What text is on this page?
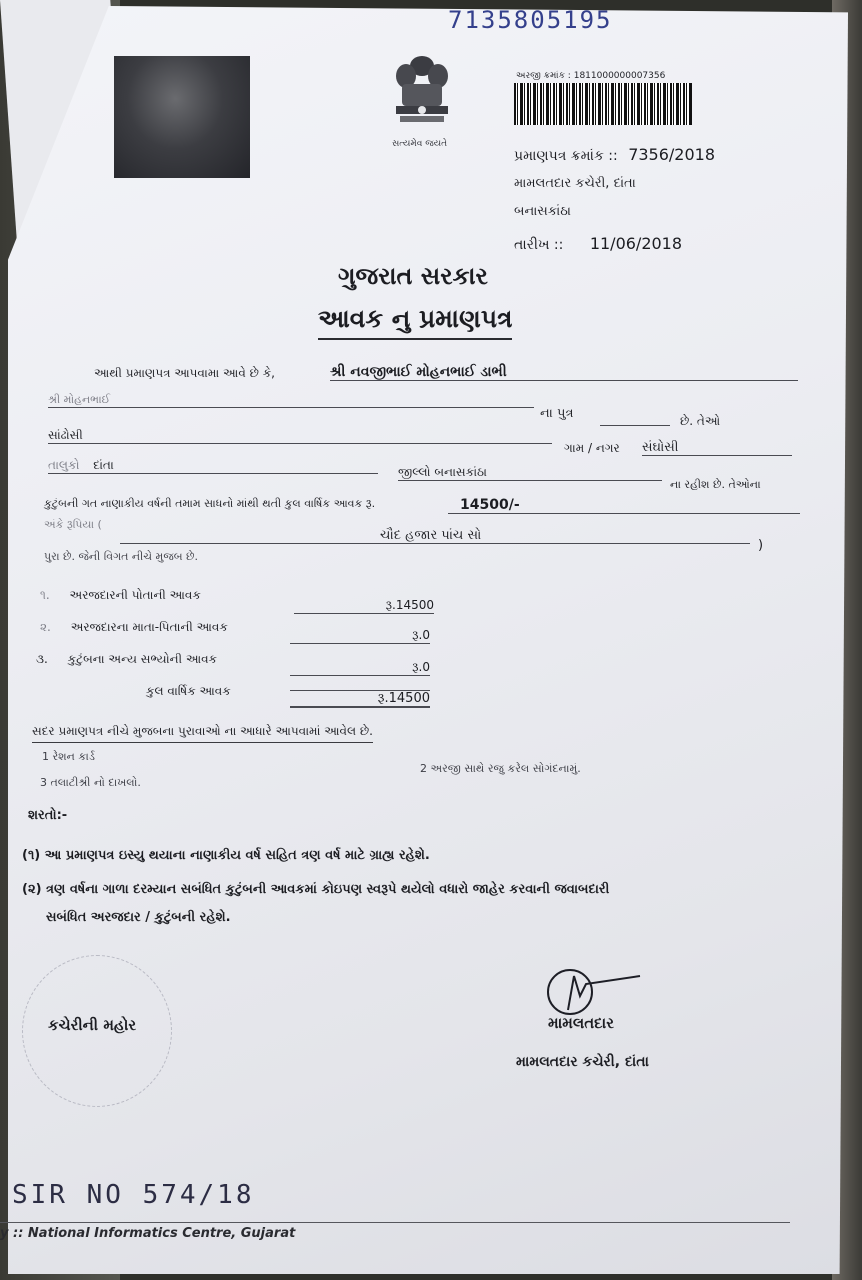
7135805195
સત્યમેવ જયતે
અરજી ક્રમાંક : 1811000000007356
પ્રમાણપત્ર ક્રમાંક :: 7356/2018
મામલતદાર કચેરી, દાંતા
બનાસકાંઠા
તારીખ :: 11/06/2018
ગુજરાત સરકાર
આવક નુ પ્રમાણપત્ર
આથી પ્રમાણપત્ર આપવામા આવે છે કે,	શ્રી નવજીભાઈ મોહનભાઈ ડાભી
શ્રી મોહનભાઈ
ના પુત્ર	છે. તેઓ
સાંઢોસી
ગામ / નગર સંઘોસી
તાલુકો દાંતા	જીલ્લો બનાસકાંઠા
ના રહીશ છે. તેઓના
કુટુંબની ગત નાણાકીય વર્ષની તમામ સાધનો માંથી થતી કુલ વાર્ષિક આવક રૂ.	14500/-
અંકે રૂપિયા (
ચૌદ હજાર પાંચ સો
)
પુરા છે. જેની વિગત નીચે મુજબ છે.
૧. અરજદારની પોતાની આવક
રૂ.14500
૨. અરજદારના માતા-પિતાની આવક
રૂ.0
૩. કુટુંબના અન્ય સભ્યોની આવક
રૂ.0
કુલ વાર્ષિક આવક	રૂ.14500
સદર પ્રમાણપત્ર નીચે મુજબના પુરાવાઓ ના આધારે આપવામાં આવેલ છે.
1 રેશન કાર્ડ
2 અરજી સાથે રજુ કરેલ સોગંદનામું.
3 તલાટીશ્રી નો દાખલો.
શરતો:-
(૧) આ પ્રમાણપત્ર ઇસ્યુ થયાના નાણાકીય વર્ષ સહિત ત્રણ વર્ષ માટે ગ્રાહ્ય રહેશે.
(૨) ત્રણ વર્ષના ગાળા દરમ્યાન સબંધિત કુટુંબની આવકમાં કોઇપણ સ્વરૂપે થયેલો વધારો જાહેર કરવાની જવાબદારી
સબંધિત અરજદાર / કુટુંબની રહેશે.
કચેરીની મહોર	મામલતદાર
મામલતદાર કચેરી, દાંતા
SIR NO 574/18
y :: National Informatics Centre, Gujarat
